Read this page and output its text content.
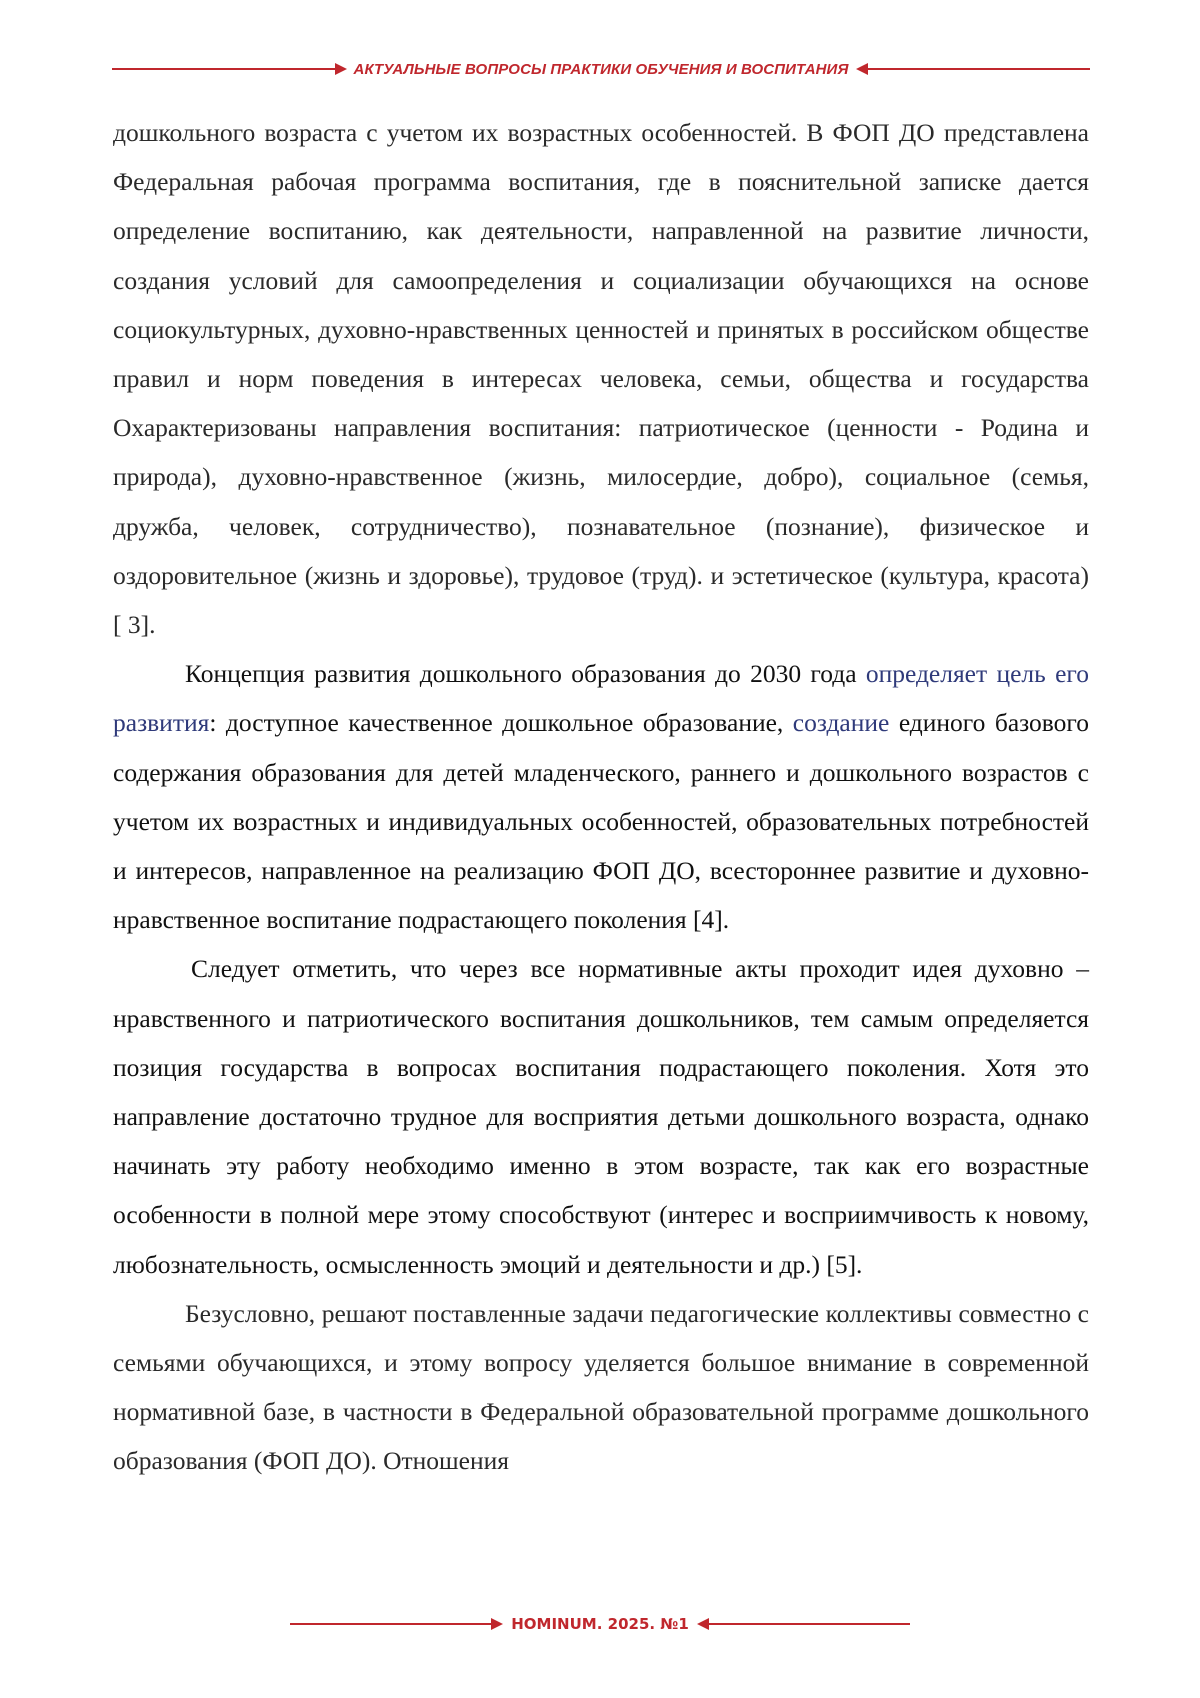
АКТУАЛЬНЫЕ ВОПРОСЫ ПРАКТИКИ ОБУЧЕНИЯ И ВОСПИТАНИЯ

дошкольного возраста с учетом их возрастных особенностей. В ФОП ДО представлена Федеральная рабочая программа воспитания, где в пояснительной записке дается определение воспитанию, как деятельности, направленной на развитие личности, создания условий для самоопределения и социализации обучающихся на основе социокультурных, духовно-нравственных ценностей и принятых в российском обществе правил и норм поведения в интересах человека, семьи, общества и государства Охарактеризованы направления воспитания: патриотическое (ценности - Родина и природа), духовно-нравственное (жизнь, милосердие, добро), социальное (семья, дружба, человек, сотрудничество), познавательное (познание), физическое и оздоровительное (жизнь и здоровье), трудовое (труд). и эстетическое (культура, красота) [ 3].

Концепция развития дошкольного образования до 2030 года определяет цель его развития: доступное качественное дошкольное образование, создание единого базового содержания образования для детей младенческого, раннего и дошкольного возрастов с учетом их возрастных и индивидуальных особенностей, образовательных потребностей и интересов, направленное на реализацию ФОП ДО, всестороннее развитие и духовно-нравственное воспитание подрастающего поколения [4].

Следует отметить, что через все нормативные акты проходит идея духовно –нравственного и патриотического воспитания дошкольников, тем самым определяется позиция государства в вопросах воспитания подрастающего поколения. Хотя это направление достаточно трудное для восприятия детьми дошкольного возраста, однако начинать эту работу необходимо именно в этом возрасте, так как его возрастные особенности в полной мере этому способствуют (интерес и восприимчивость к новому, любознательность, осмысленность эмоций и деятельности и др.) [5].

Безусловно, решают поставленные задачи педагогические коллективы совместно с семьями обучающихся, и этому вопросу уделяется большое внимание в современной нормативной базе, в частности в Федеральной образовательной программе дошкольного образования (ФОП ДО). Отношения

HOMINUM. 2025. №1
